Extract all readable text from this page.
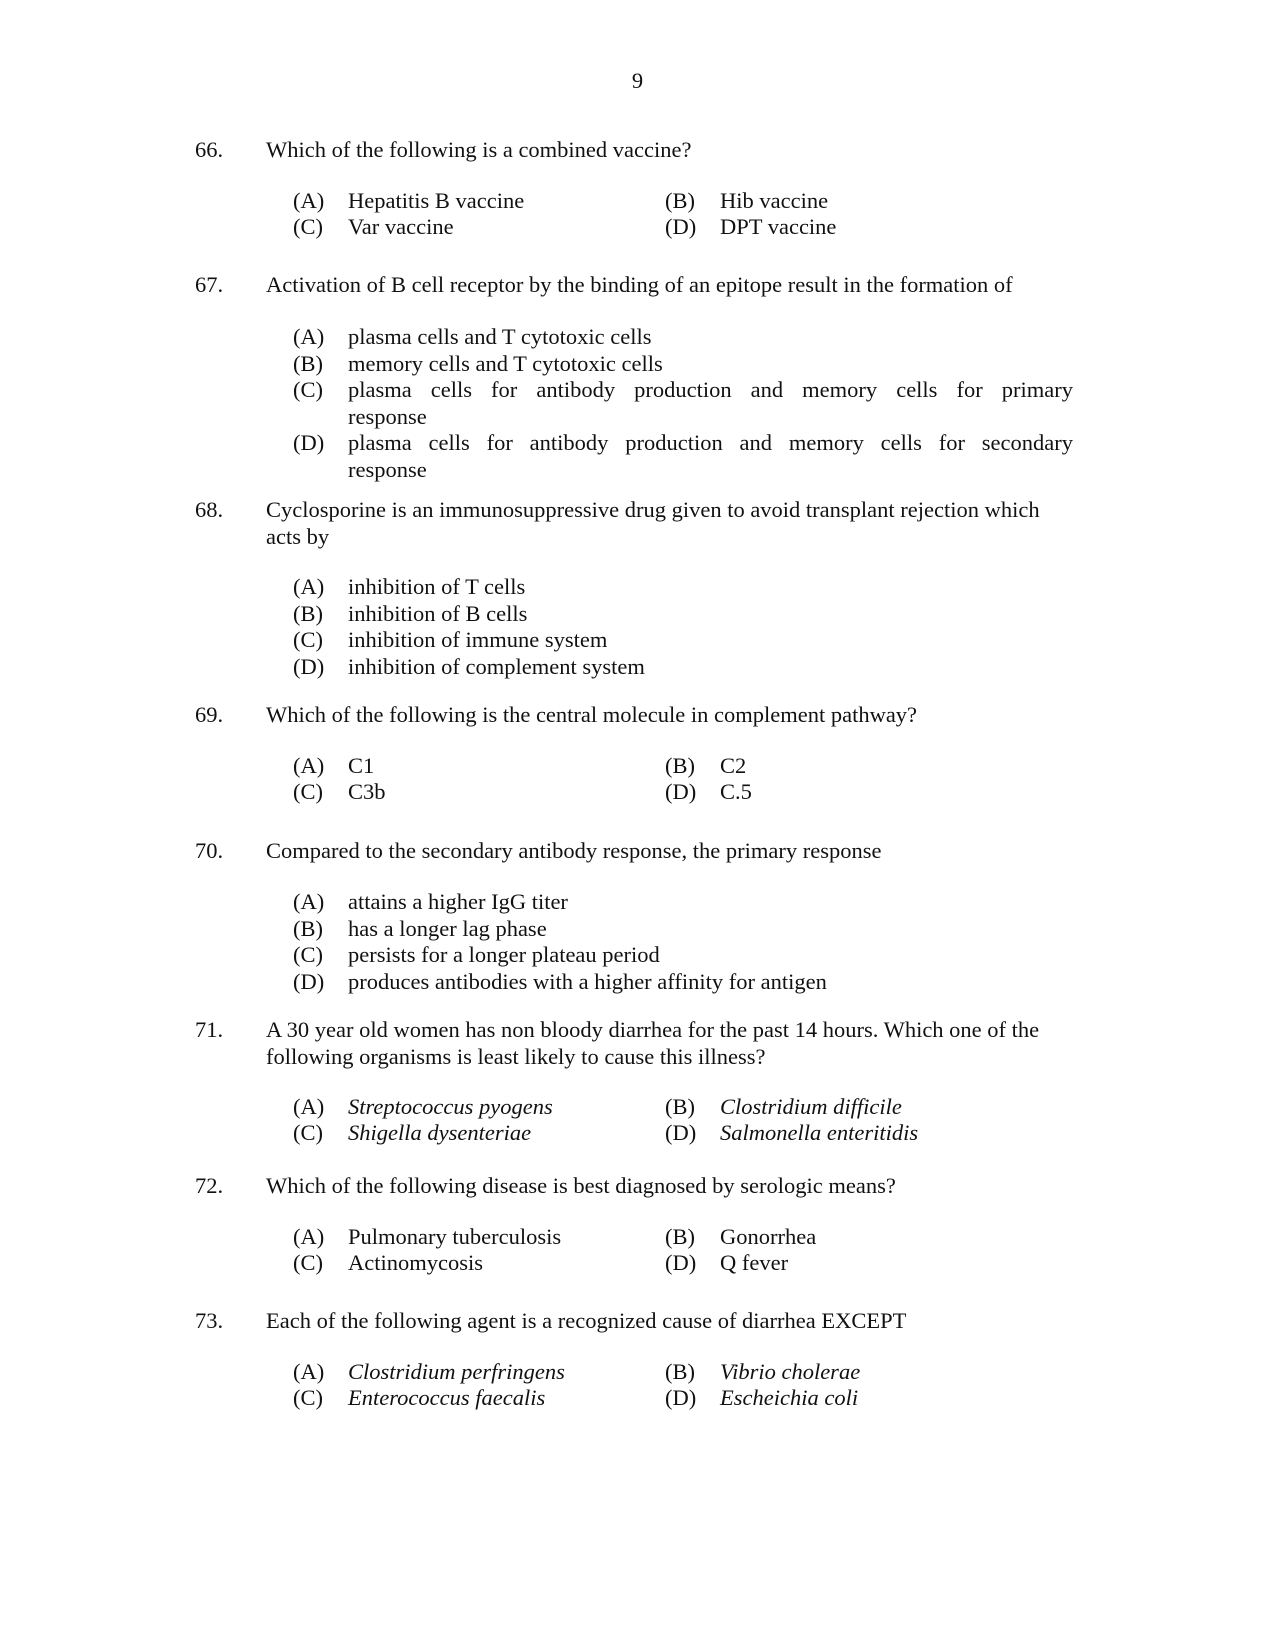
9
66. Which of the following is a combined vaccine?
(A) Hepatitis B vaccine	(B) Hib vaccine
(C) Var vaccine	(D) DPT vaccine
67. Activation of B cell receptor by the binding of an epitope result in the formation of
(A)	plasma cells and T cytotoxic cells
(B)	memory cells and T cytotoxic cells
(C)	plasma cells for antibody production and memory cells for primary
response
(D)	plasma cells for antibody production and memory cells for secondary
response
68. Cyclosporine is an immunosuppressive drug given to avoid transplant rejection which
acts by
(A)	inhibition of T cells
(B)	inhibition of B cells
(C)	inhibition of immune system
(D)	inhibition of complement system
69. Which of the following is the central molecule in complement pathway?
(A) C1	(B) C2
(C) C3b	(D) C.5
70. Compared to the secondary antibody response, the primary response
(A)	attains a higher IgG titer
(B)	has a longer lag phase
(C)	persists for a longer plateau period
(D)	produces antibodies with a higher affinity for antigen
71. A 30 year old women has non bloody diarrhea for the past 14 hours. Which one of the
following organisms is least likely to cause this illness?
(A) Streptococcus pyogens	(B) Clostridium difficile
(C) Shigella dysenteriae	(D) Salmonella enteritidis
72. Which of the following disease is best diagnosed by serologic means?
(A) Pulmonary tuberculosis	(B) Gonorrhea
(C) Actinomycosis	(D) Q fever
73. Each of the following agent is a recognized cause of diarrhea EXCEPT
(A) Clostridium perfringens	(B) Vibrio cholerae
(C) Enterococcus faecalis	(D) Escheichia coli
